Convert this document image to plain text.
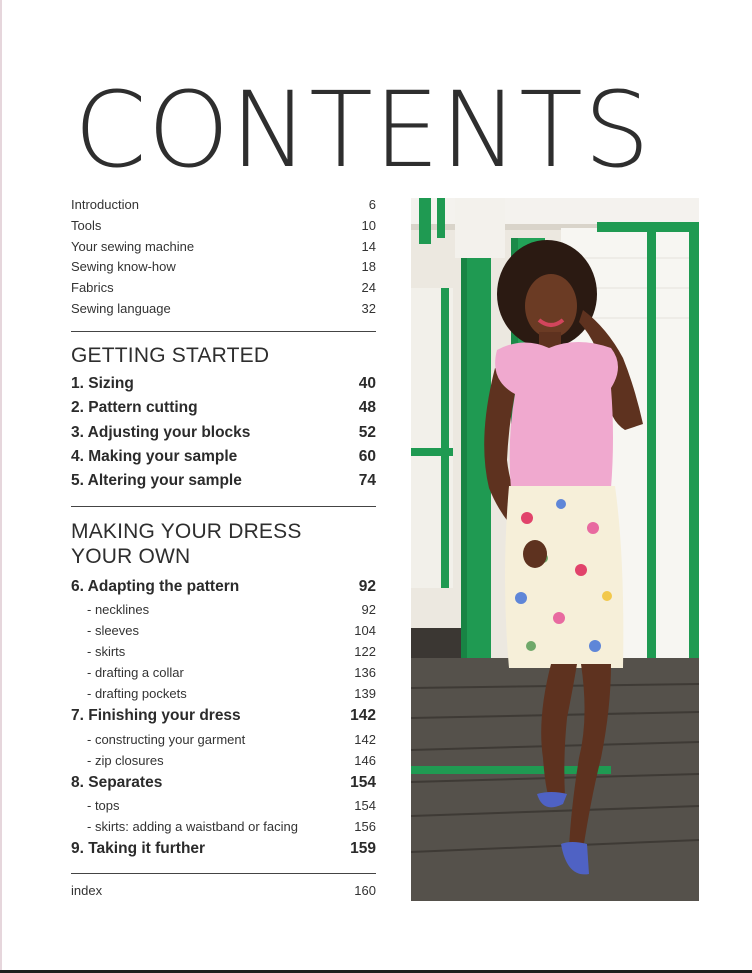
CONTENTS
Introduction	6
Tools	10
Your sewing machine	14
Sewing know-how	18
Fabrics	24
Sewing language	32
GETTING STARTED
1. Sizing	40
2. Pattern cutting	48
3. Adjusting your blocks	52
4. Making your sample	60
5. Altering your sample	74
MAKING YOUR DRESS
YOUR OWN
6. Adapting the pattern	92
- necklines	92
- sleeves	104
- skirts	122
- drafting a collar	136
- drafting pockets	139
7. Finishing your dress	142
- constructing your garment	142
- zip closures	146
8. Separates	154
- tops	154
- skirts: adding a waistband or facing	156
9. Taking it further	159
index	160
